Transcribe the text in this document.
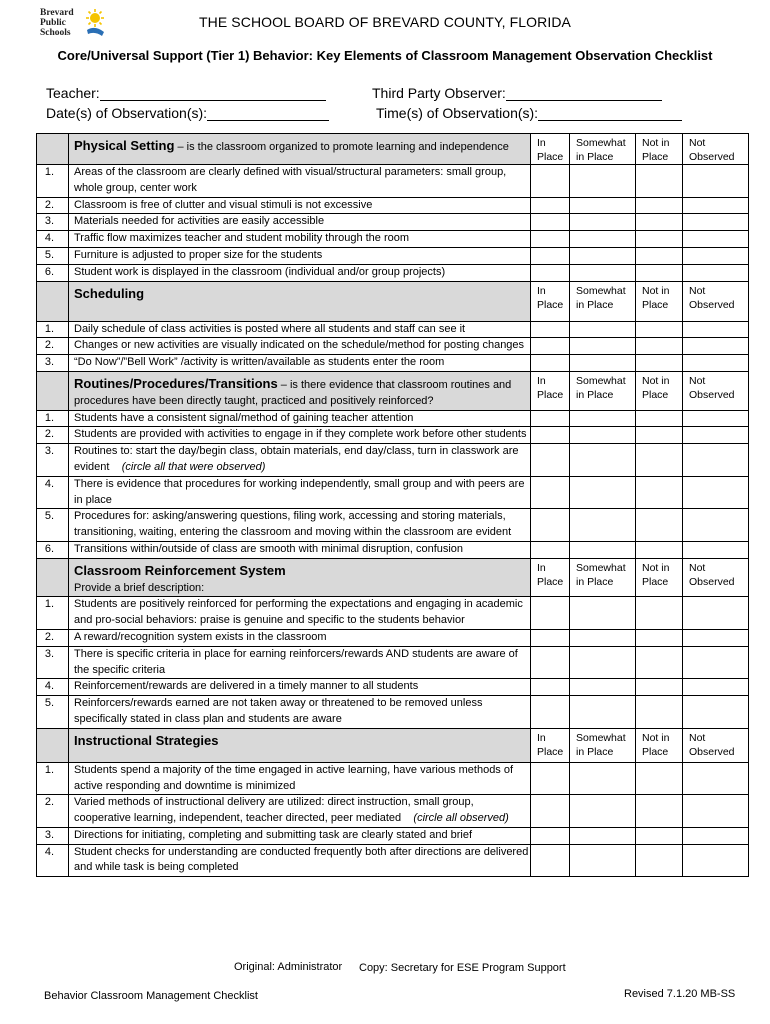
Brevard
Public
Schools
THE SCHOOL BOARD OF BREVARD COUNTY, FLORIDA
Core/Universal Support (Tier 1) Behavior: Key Elements of Classroom Management Observation Checklist
Teacher:	Third Party Observer:
Date(s) of Observation(s):	Time(s) of Observation(s):

	Physical Setting – is the classroom organized to promote learning and independence	In Place	Somewhat in Place	Not in Place	Not Observed
1.	Areas of the classroom are clearly defined with visual/structural parameters: small group, whole group, center work				
2.	Classroom is free of clutter and visual stimuli is not excessive				
3.	Materials needed for activities are easily accessible				
4.	Traffic flow maximizes teacher and student mobility through the room				
5.	Furniture is adjusted to proper size for the students				
6.	Student work is displayed in the classroom (individual and/or group projects)				

	Scheduling	In Place	Somewhat in Place	Not in Place	Not Observed
1.	Daily schedule of class activities is posted where all students and staff can see it				
2.	Changes or new activities are visually indicated on the schedule/method for posting changes				
3.	“Do Now”/”Bell Work” /activity is written/available as students enter the room				

	Routines/Procedures/Transitions – is there evidence that classroom routines and procedures have been directly taught, practiced and positively reinforced?	In Place	Somewhat in Place	Not in Place	Not Observed
1.	Students have a consistent signal/method of gaining teacher attention				
2.	Students are provided with activities to engage in if they complete work before other students				
3.	Routines to: start the day/begin class, obtain materials, end day/class, turn in classwork are evident (circle all that were observed)				
4.	There is evidence that procedures for working independently, small group and with peers are in place				
5.	Procedures for: asking/answering questions, filing work, accessing and storing materials, transitioning, waiting, entering the classroom and moving within the classroom are evident				
6.	Transitions within/outside of class are smooth with minimal disruption, confusion				

	Classroom Reinforcement System
Provide a brief description:	In Place	Somewhat in Place	Not in Place	Not Observed
1.	Students are positively reinforced for performing the expectations and engaging in academic and pro-social behaviors: praise is genuine and specific to the students behavior				
2.	A reward/recognition system exists in the classroom				
3.	There is specific criteria in place for earning reinforcers/rewards AND students are aware of the specific criteria				
4.	Reinforcement/rewards are delivered in a timely manner to all students				
5.	Reinforcers/rewards earned are not taken away or threatened to be removed unless specifically stated in class plan and students are aware				

	Instructional Strategies	In Place	Somewhat in Place	Not in Place	Not Observed
1.	Students spend a majority of the time engaged in active learning, have various methods of active responding and downtime is minimized				
2.	Varied methods of instructional delivery are utilized: direct instruction, small group, cooperative learning, independent, teacher directed, peer mediated (circle all observed)				
3.	Directions for initiating, completing and submitting task are clearly stated and brief				
4.	Student checks for understanding are conducted frequently both after directions are delivered and while task is being completed				
Original: Administrator Copy: Secretary for ESE Program Support
Behavior Classroom Management Checklist	Revised 7.1.20 MB-SS
